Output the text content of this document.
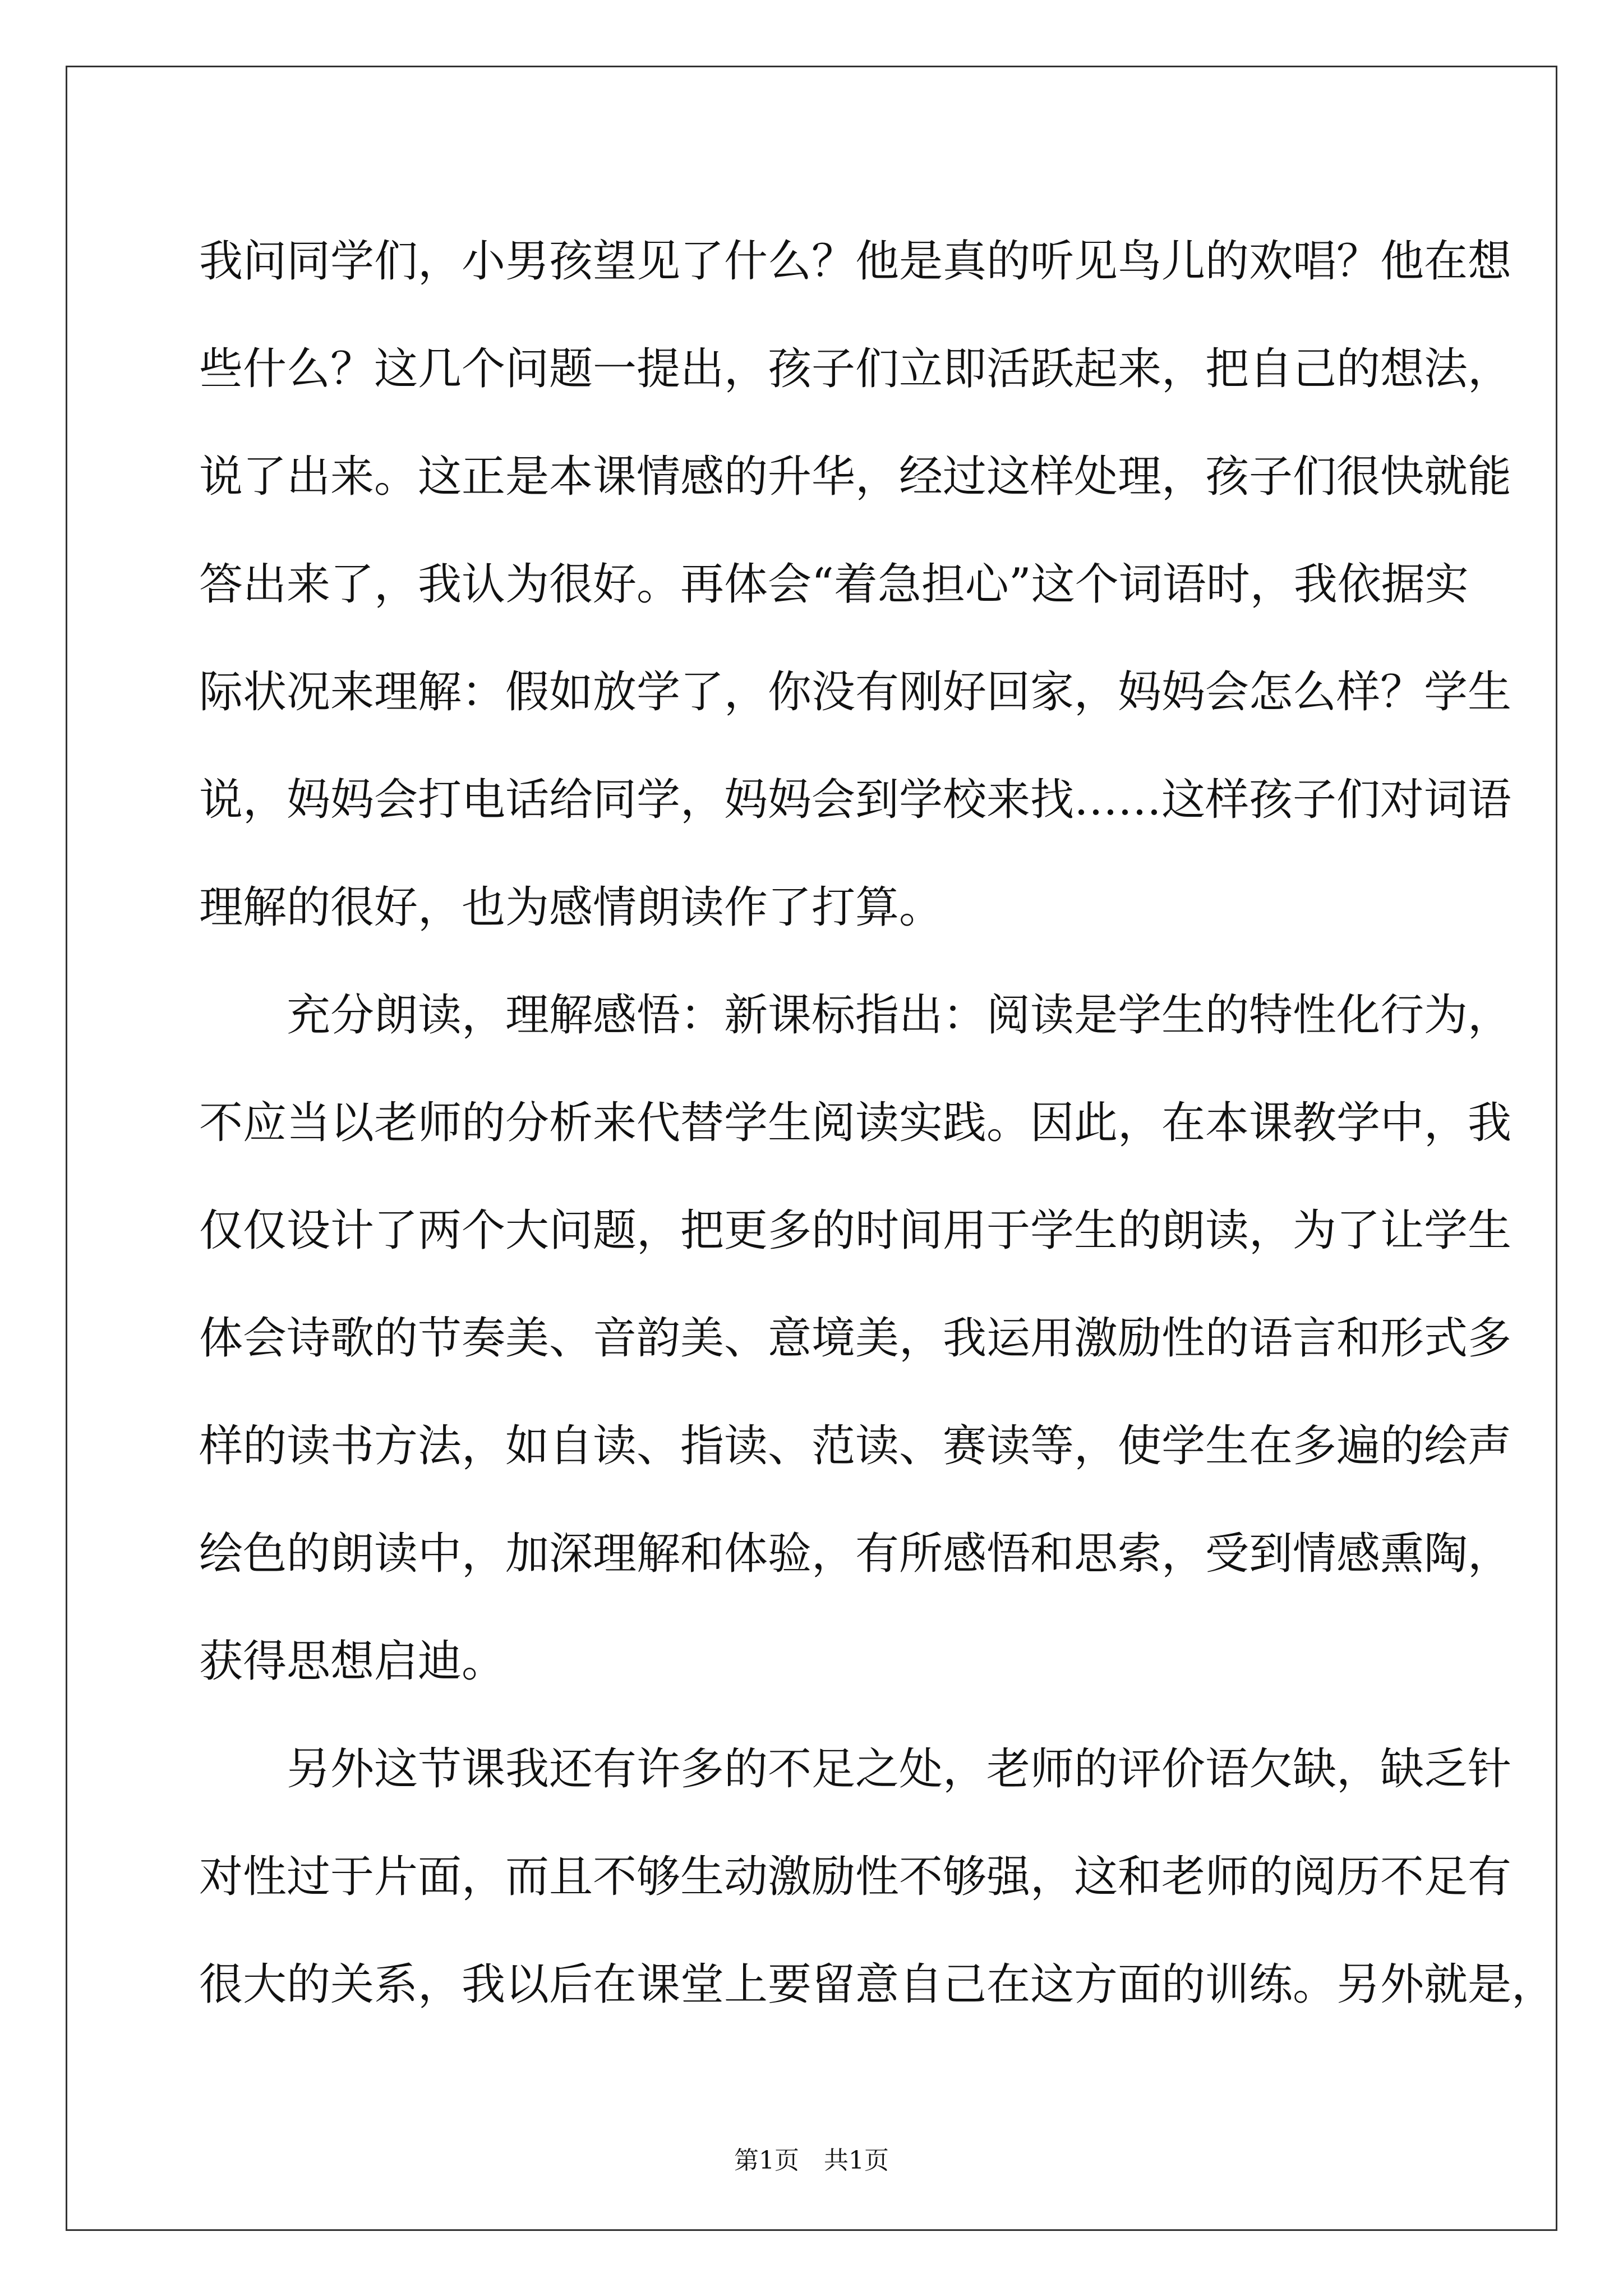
我问同学们，小男孩望见了什么？他是真的听见鸟儿的欢唱？他在想
些什么？这几个问题一提出，孩子们立即活跃起来，把自己的想法，
说了出来。这正是本课情感的升华，经过这样处理，孩子们很快就能
答出来了，我认为很好。再体会“着急担心”这个词语时，我依据实
际状况来理解：假如放学了，你没有刚好回家，妈妈会怎么样？学生
说，妈妈会打电话给同学，妈妈会到学校来找……这样孩子们对词语
理解的很好，也为感情朗读作了打算。
充分朗读，理解感悟：新课标指出：阅读是学生的特性化行为，
不应当以老师的分析来代替学生阅读实践。因此，在本课教学中，我
仅仅设计了两个大问题，把更多的时间用于学生的朗读，为了让学生
体会诗歌的节奏美、音韵美、意境美，我运用激励性的语言和形式多
样的读书方法，如自读、指读、范读、赛读等，使学生在多遍的绘声
绘色的朗读中，加深理解和体验，有所感悟和思索，受到情感熏陶，
获得思想启迪。
另外这节课我还有许多的不足之处，老师的评价语欠缺，缺乏针
对性过于片面，而且不够生动激励性不够强，这和老师的阅历不足有
很大的关系，我以后在课堂上要留意自己在这方面的训练。另外就是，
第1页　共1页
